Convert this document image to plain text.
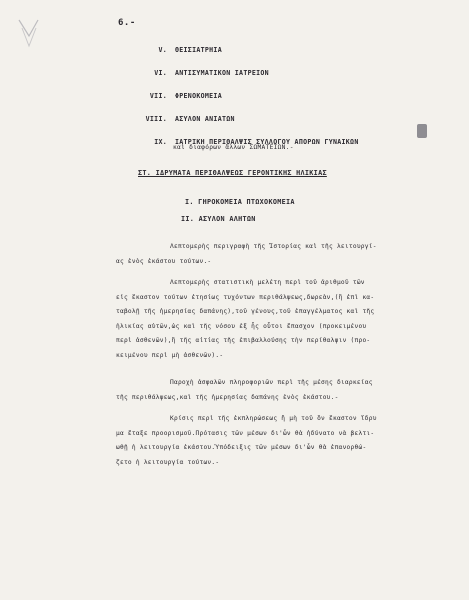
6.-
V. ΘΕΙΣΙΑΤΡΗΙΑ
VI. ΑΝΤΙΣΥΜΑΤΙΚΟΝ ΙΑΤΡΕΙΟΝ
VII. ΦΡΕΝΟΚΟΜΕΙΑ
VIII. ΑΣΥΛΟΝ ΑΝΙΑΤΩΝ
IX. ΙΑΤΡΙΚΗ ΠΕΡΙΘΑΛΨΙΣ ΣΥΛΛΟΓΟΥ ΑΠΟΡΩΝ ΓΥΝΑΙΚΩΝ
καὶ διαφόρων ἄλλων ΣΩΜΑΤΕΙΩΝ.-
ΣΤ. ΙΔΡΥΜΑΤΑ ΠΕΡΙΘΑΛΨΕΩΣ ΓΕΡΟΝΤΙΚΗΣ ΗΛΙΚΙΑΣ
I. ΓΗΡΟΚΟΜΕΙΑ ΠΤΩΧΟΚΟΜΕΙΑ
II. ΑΣΥΛΟΝ ΑΛΗΤΩΝ
Λεπτομερὴς περιγραφὴ τῆς Ἱστορίας καὶ τῆς λειτουργί-
ας ἑνὸς ἑκάστου τούτων.-
Λεπτομερὴς στατιστικὴ μελέτη περὶ τοῦ ἀριθμοῦ τῶν
εἰς ἕκαστον τούτων ἐτησίως τυχόντων περιθάλψεως,δωρεὰν,(ἢ ἐπὶ κα-
ταβολῇ τῆς ἡμερησίας δαπάνης),τοῦ γένους,τοῦ ἐπαγγέλματος καὶ τῆς
ἡλικίας αὐτῶν,ὡς καὶ τῆς νόσου ἐξ ἧς οὗτοι ἔπασχον (προκειμένου
περὶ ἀσθενῶν),ἢ τῆς αἰτίας τῆς ἐπιβαλλούσης τὴν περίθαλψιν (προ-
κειμένου περὶ μὴ ἀσθενῶν).-
Παροχὴ ἀσφαλῶν πληροφοριῶν περὶ τῆς μέσης διαρκείας
τῆς περιθάλψεως,καὶ τῆς ἡμερησίας δαπάνης ἑνὸς ἑκάστου.-
Κρίσις περὶ τῆς ἐκπληρώσεως ἢ μὴ τοῦ ὃν ἕκαστον ἵδρυ
μα ἔταξε προορισμοῦ.Πρότασις τῶν μέσων δι'ὧν θὰ ἠδύνατο νὰ βελτι-
ωθῇ ἡ λειτουργία ἑκάστου.Ὑπόδειξις τῶν μέσων δι'ὧν θὰ ἐπανορθώ-
ζετο ἡ λειτουργία τούτων.-
